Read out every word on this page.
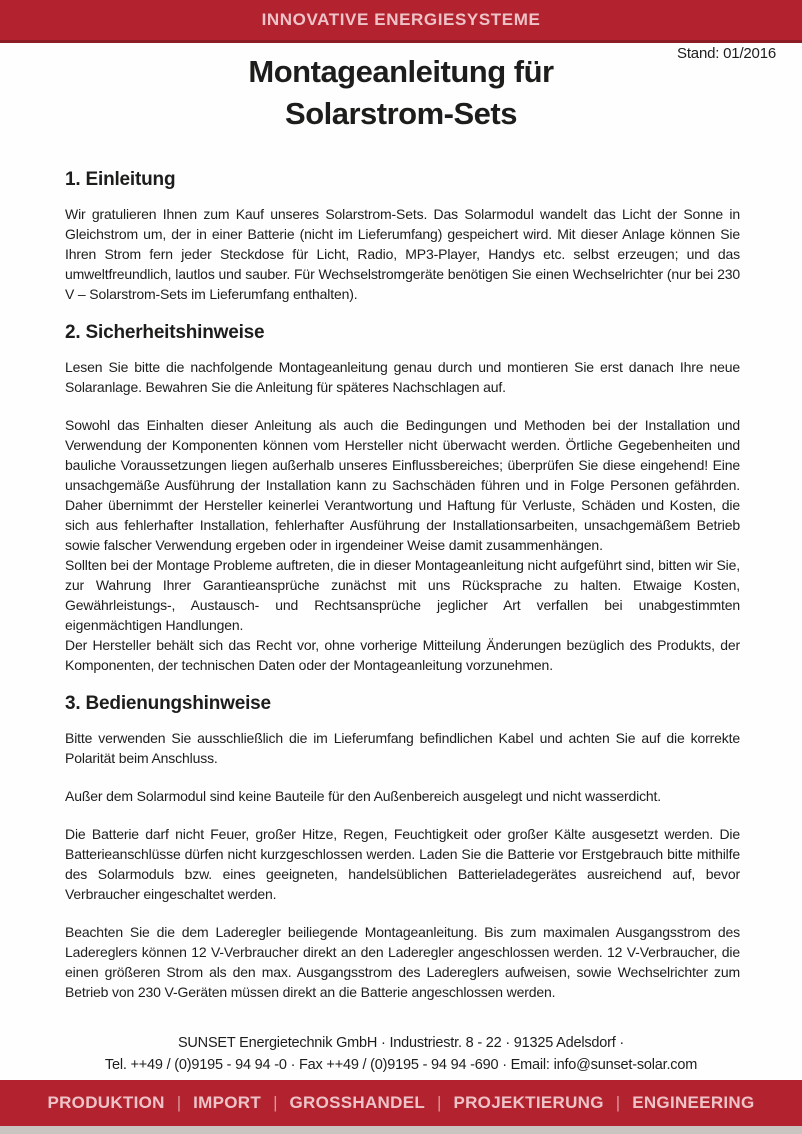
INNOVATIVE ENERGIESYSTEME
Stand: 01/2016
Montageanleitung für
Solarstrom-Sets
1. Einleitung

Wir gratulieren Ihnen zum Kauf unseres Solarstrom-Sets. Das Solarmodul wandelt das Licht der Sonne in Gleichstrom um, der in einer Batterie (nicht im Lieferumfang) gespeichert wird. Mit dieser Anlage können Sie Ihren Strom fern jeder Steckdose für Licht, Radio, MP3-Player, Handys etc. selbst erzeugen; und das umweltfreundlich, lautlos und sauber. Für Wechselstromgeräte benötigen Sie einen Wechselrichter (nur bei 230 V – Solarstrom-Sets im Lieferumfang enthalten).

2. Sicherheitshinweise

Lesen Sie bitte die nachfolgende Montageanleitung genau durch und montieren Sie erst danach Ihre neue Solaranlage. Bewahren Sie die Anleitung für späteres Nachschlagen auf.

Sowohl das Einhalten dieser Anleitung als auch die Bedingungen und Methoden bei der Installation und Verwendung der Komponenten können vom Hersteller nicht überwacht werden. Örtliche Gegebenheiten und bauliche Voraussetzungen liegen außerhalb unseres Einflussbereiches; überprüfen Sie diese eingehend! Eine unsachgemäße Ausführung der Installation kann zu Sachschäden führen und in Folge Personen gefährden. Daher übernimmt der Hersteller keinerlei Verantwortung und Haftung für Verluste, Schäden und Kosten, die sich aus fehlerhafter Installation, fehlerhafter Ausführung der Installationsarbeiten, unsachgemäßem Betrieb sowie falscher Verwendung ergeben oder in irgendeiner Weise damit zusammenhängen.

Sollten bei der Montage Probleme auftreten, die in dieser Montageanleitung nicht aufgeführt sind, bitten wir Sie, zur Wahrung Ihrer Garantieansprüche zunächst mit uns Rücksprache zu halten. Etwaige Kosten, Gewährleistungs-, Austausch- und Rechtsansprüche jeglicher Art verfallen bei unabgestimmten eigenmächtigen Handlungen.

Der Hersteller behält sich das Recht vor, ohne vorherige Mitteilung Änderungen bezüglich des Produkts, der Komponenten, der technischen Daten oder der Montageanleitung vorzunehmen.

3. Bedienungshinweise

Bitte verwenden Sie ausschließlich die im Lieferumfang befindlichen Kabel und achten Sie auf die korrekte Polarität beim Anschluss.

Außer dem Solarmodul sind keine Bauteile für den Außenbereich ausgelegt und nicht wasserdicht.

Die Batterie darf nicht Feuer, großer Hitze, Regen, Feuchtigkeit oder großer Kälte ausgesetzt werden. Die Batterieanschlüsse dürfen nicht kurzgeschlossen werden. Laden Sie die Batterie vor Erstgebrauch bitte mithilfe des Solarmoduls bzw. eines geeigneten, handelsüblichen Batterieladegerätes ausreichend auf, bevor Verbraucher eingeschaltet werden.

Beachten Sie die dem Laderegler beiliegende Montageanleitung. Bis zum maximalen Ausgangsstrom des Ladereglers können 12 V-Verbraucher direkt an den Laderegler angeschlossen werden. 12 V-Verbraucher, die einen größeren Strom als den max. Ausgangsstrom des Ladereglers aufweisen, sowie Wechselrichter zum Betrieb von 230 V-Geräten müssen direkt an die Batterie angeschlossen werden.

SUNSET Energietechnik GmbH · Industriestr. 8 - 22 · 91325 Adelsdorf ·
Tel. ++49 / (0)9195 - 94 94 -0 · Fax ++49 / (0)9195 - 94 94 -690 · Email: info@sunset-solar.com
PRODUKTION | IMPORT | GROSSHANDEL | PROJEKTIERUNG | ENGINEERING
